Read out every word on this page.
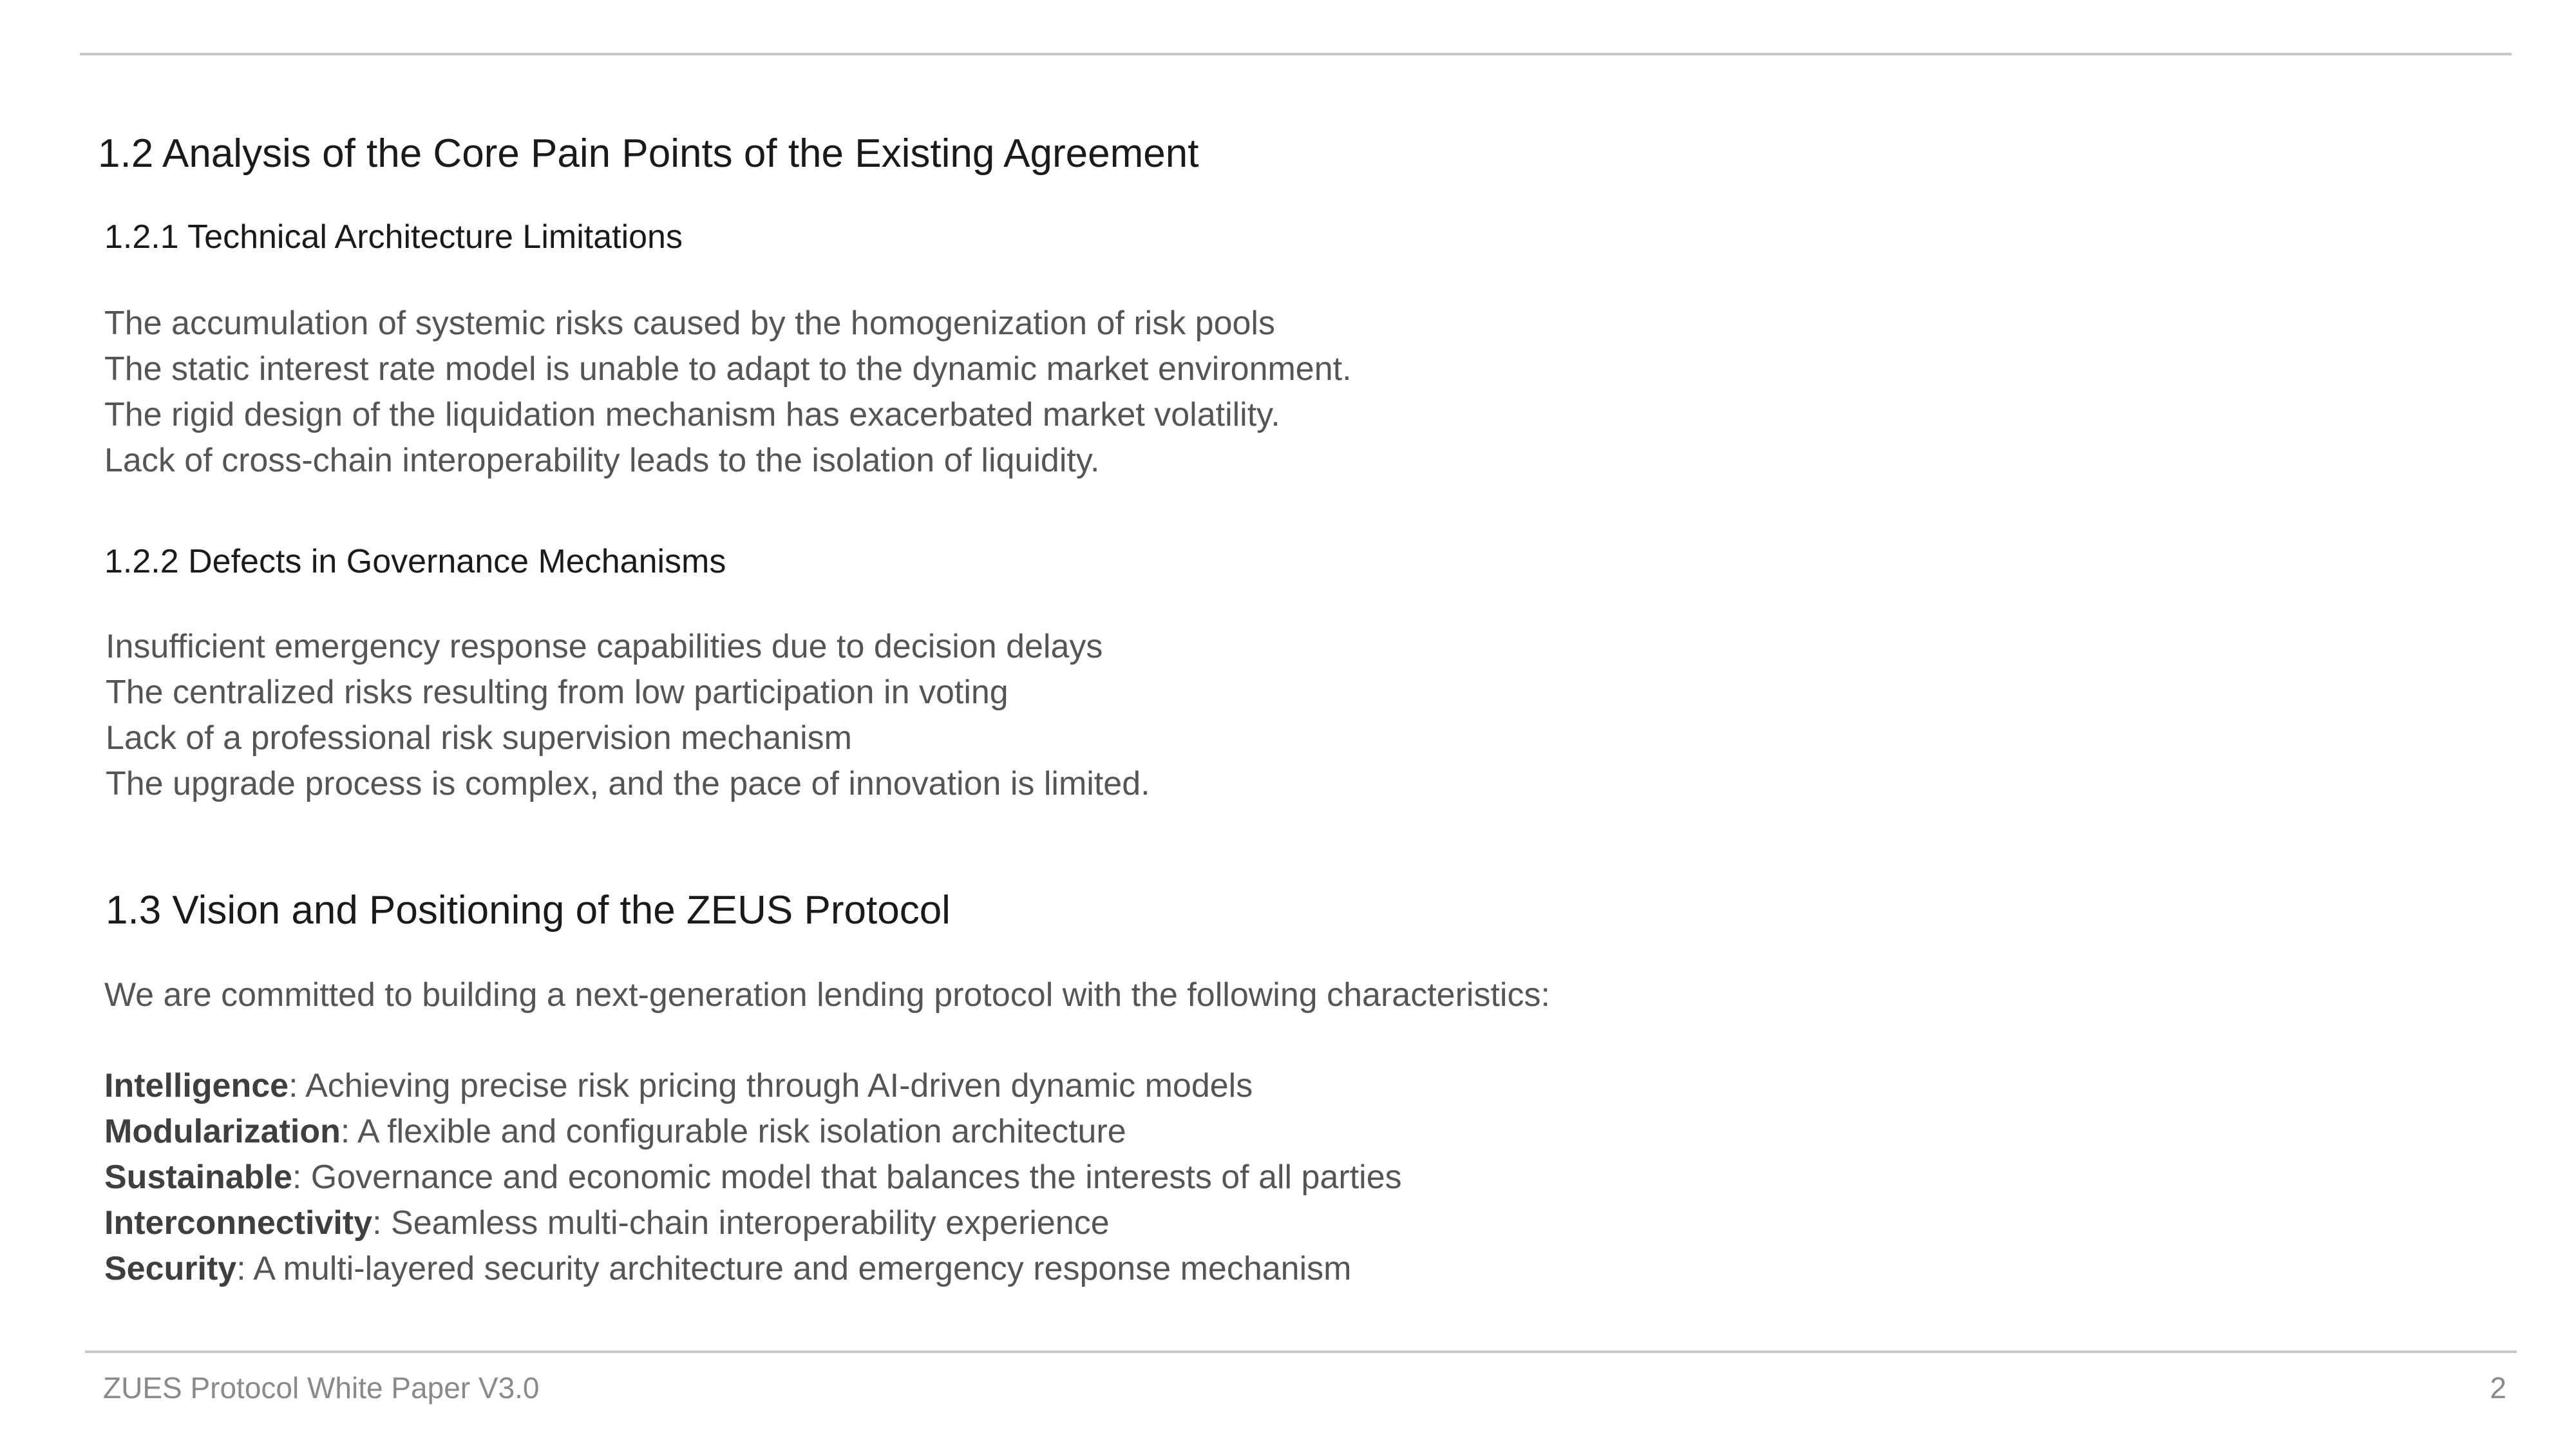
1.2 Analysis of the Core Pain Points of the Existing Agreement
1.2.1 Technical Architecture Limitations
The accumulation of systemic risks caused by the homogenization of risk pools
The static interest rate model is unable to adapt to the dynamic market environment.
The rigid design of the liquidation mechanism has exacerbated market volatility.
Lack of cross-chain interoperability leads to the isolation of liquidity.
1.2.2 Defects in Governance Mechanisms
Insufficient emergency response capabilities due to decision delays
The centralized risks resulting from low participation in voting
Lack of a professional risk supervision mechanism
The upgrade process is complex, and the pace of innovation is limited.
1.3 Vision and Positioning of the ZEUS Protocol
We are committed to building a next-generation lending protocol with the following characteristics:
Intelligence: Achieving precise risk pricing through AI-driven dynamic models
Modularization: A flexible and configurable risk isolation architecture
Sustainable: Governance and economic model that balances the interests of all parties
Interconnectivity: Seamless multi-chain interoperability experience
Security: A multi-layered security architecture and emergency response mechanism
ZUES Protocol White Paper V3.0	2
